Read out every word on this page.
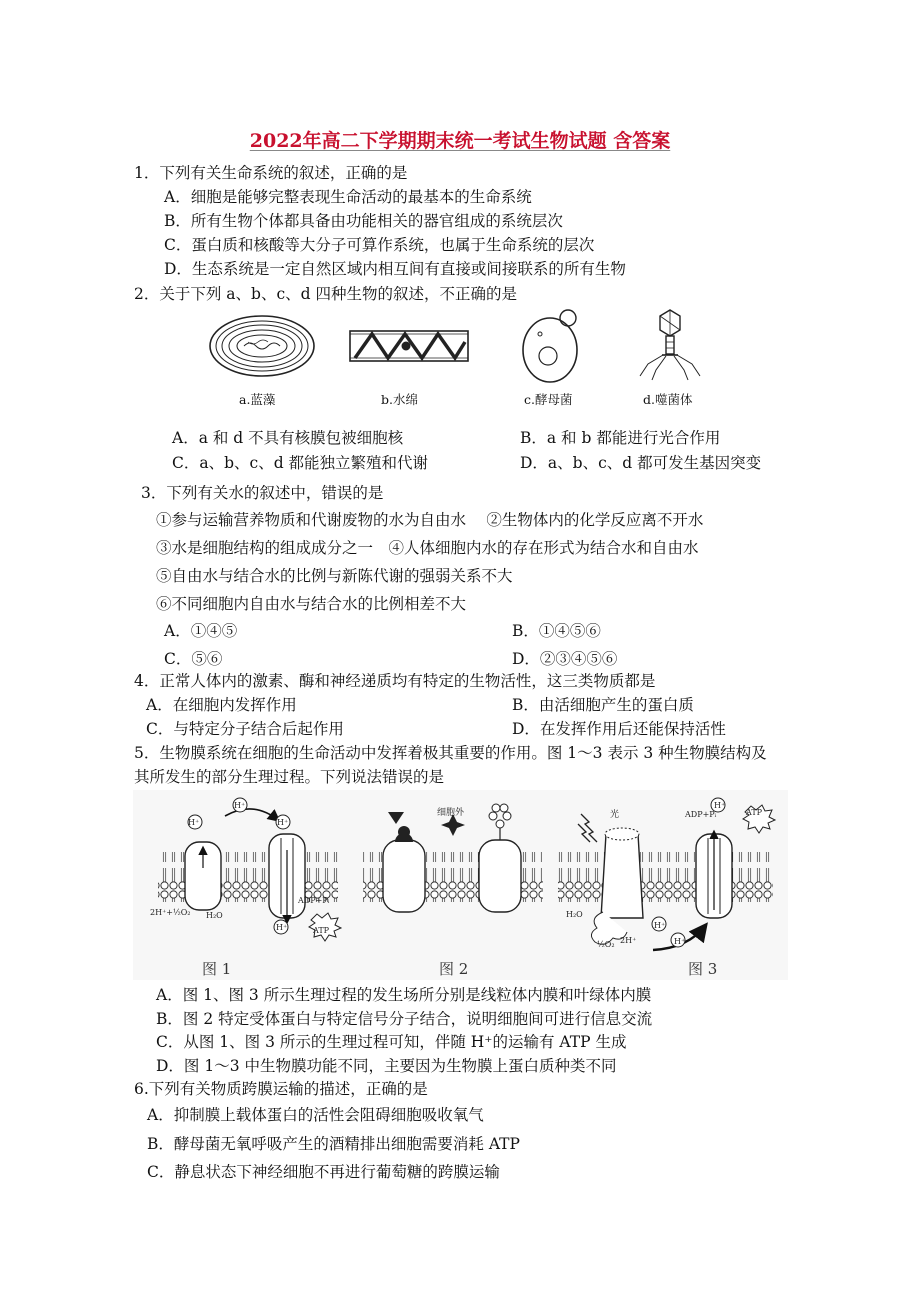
2022年高二下学期期末统一考试生物试题 含答案
1．下列有关生命系统的叙述，正确的是
A．细胞是能够完整表现生命活动的最基本的生命系统
B．所有生物个体都具备由功能相关的器官组成的系统层次
C．蛋白质和核酸等大分子可算作系统，也属于生命系统的层次
D．生态系统是一定自然区域内相互间有直接或间接联系的所有生物
2．关于下列 a、b、c、d 四种生物的叙述，不正确的是
a.蓝藻	b.水绵	c.酵母菌	d.噬菌体
A．a 和 d 不具有核膜包被细胞核	B．a 和 b 都能进行光合作用
C．a、b、c、d 都能独立繁殖和代谢	D．a、b、c、d 都可发生基因突变
3．下列有关水的叙述中，错误的是
①参与运输营养物质和代谢废物的水为自由水　 ②生物体内的化学反应离不开水
③水是细胞结构的组成成分之一　④人体细胞内水的存在形式为结合水和自由水
⑤自由水与结合水的比例与新陈代谢的强弱关系不大
⑥不同细胞内自由水与结合水的比例相差不大
A．①④⑤	B．①④⑤⑥
C．⑤⑥	D．②③④⑤⑥
4．正常人体内的激素、酶和神经递质均有特定的生物活性，这三类物质都是
A．在细胞内发挥作用	B．由活细胞产生的蛋白质
C．与特定分子结合后起作用	D．在发挥作用后还能保持活性
5．生物膜系统在细胞的生命活动中发挥着极其重要的作用。图 1～3 表示 3 种生物膜结构及
其所发生的部分生理过程。下列说法错误的是
H⁺
H⁺
H⁺
2H⁺+½O₂ H₂O
ADP+Pᵢ
H⁺	ATP
细胞外	光	ADP+Pᵢ
H⁺
ATP
H₂O
½O₂ 2H⁺
H⁺
H⁺
图 1	图 2	图 3
A．图 1、图 3 所示生理过程的发生场所分别是线粒体内膜和叶绿体内膜
B．图 2 特定受体蛋白与特定信号分子结合，说明细胞间可进行信息交流
C．从图 1、图 3 所示的生理过程可知，伴随 H⁺的运输有 ATP 生成
D．图 1～3 中生物膜功能不同，主要因为生物膜上蛋白质种类不同
6.下列有关物质跨膜运输的描述，正确的是
A．抑制膜上载体蛋白的活性会阻碍细胞吸收氧气
B．酵母菌无氧呼吸产生的酒精排出细胞需要消耗 ATP
C．静息状态下神经细胞不再进行葡萄糖的跨膜运输
